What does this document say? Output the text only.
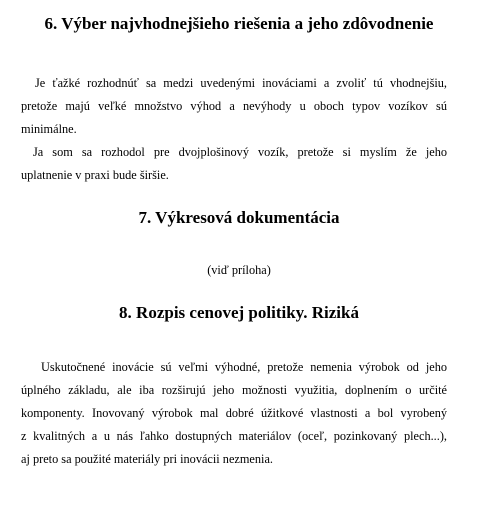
6. Výber najvhodnejšieho riešenia a jeho zdôvodnenie
Je ťažké rozhodnúť sa medzi uvedenými inováciami a zvoliť tú vhodnejšiu,
pretože majú veľké množstvo výhod a nevýhody u oboch typov vozíkov sú
minimálne.
Ja som sa rozhodol pre dvojplošinový vozík, pretože si myslím že jeho
uplatnenie v praxi bude širšie.
7. Výkresová dokumentácia
(viď príloha)
8. Rozpis cenovej politiky. Riziká
Uskutočnené inovácie sú veľmi výhodné, pretože nemenia výrobok od jeho
úplného základu, ale iba rozširujú jeho možnosti využitia, doplnením o určité
komponenty. Inovovaný výrobok mal dobré úžitkové vlastnosti a bol vyrobený
z kvalitných a u nás ľahko dostupných materiálov (oceľ, pozinkovaný plech...),
aj preto sa použité materiály pri inovácii nezmenia.
